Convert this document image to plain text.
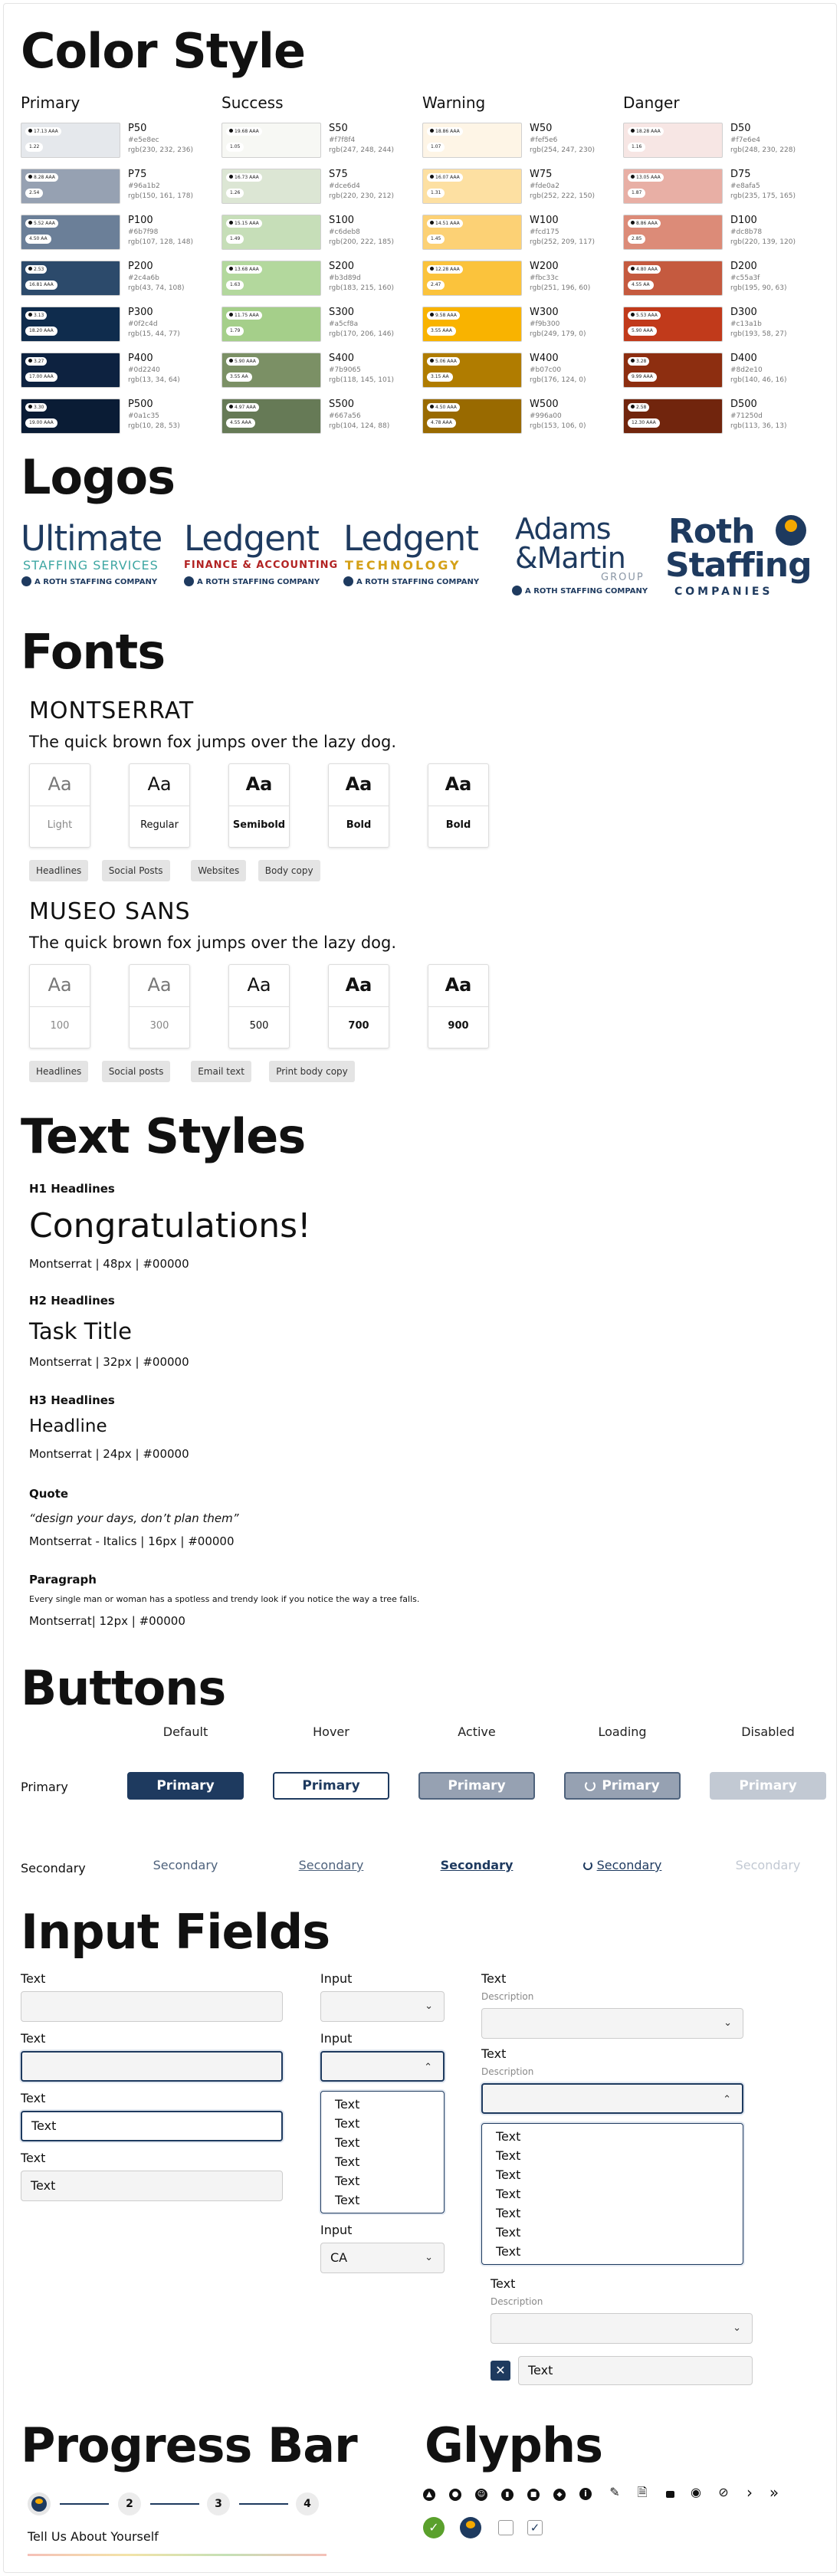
Color Style
Primary
17.13 AAA
1.22
P50
#e5e8ec
rgb(230, 232, 236)
8.28 AAA
2.54
P75
#96a1b2
rgb(150, 161, 178)
5.52 AAA
4.50 AA
P100
#6b7f98
rgb(107, 128, 148)
2.53
16.81 AAA
P200
#2c4a6b
rgb(43, 74, 108)
3.13
18.20 AAA
P300
#0f2c4d
rgb(15, 44, 77)
3.27
17.00 AAA
P400
#0d2240
rgb(13, 34, 64)
3.30
19.00 AAA
P500
#0a1c35
rgb(10, 28, 53)
Success
19.68 AAA
1.05
S50
#f7f8f4
rgb(247, 248, 244)
16.73 AAA
1.26
S75
#dce6d4
rgb(220, 230, 212)
15.15 AAA
1.49
S100
#c6deb8
rgb(200, 222, 185)
13.68 AAA
1.63
S200
#b3d89d
rgb(183, 215, 160)
11.75 AAA
1.79
S300
#a5cf8a
rgb(170, 206, 146)
5.90 AAA
3.55 AA
S400
#7b9065
rgb(118, 145, 101)
4.97 AAA
4.55 AAA
S500
#667a56
rgb(104, 124, 88)
Warning
18.86 AAA
1.07
W50
#fef5e6
rgb(254, 247, 230)
16.07 AAA
1.31
W75
#fde0a2
rgb(252, 222, 150)
14.51 AAA
1.45
W100
#fcd175
rgb(252, 209, 117)
12.28 AAA
2.47
W200
#fbc33c
rgb(251, 196, 60)
9.58 AAA
3.55 AAA
W300
#f9b300
rgb(249, 179, 0)
5.06 AAA
3.15 AA
W400
#b07c00
rgb(176, 124, 0)
4.50 AAA
4.78 AAA
W500
#996a00
rgb(153, 106, 0)
Danger
18.28 AAA
1.16
D50
#f7e6e4
rgb(248, 230, 228)
13.05 AAA
1.87
D75
#e8afa5
rgb(235, 175, 165)
8.86 AAA
2.85
D100
#dc8b78
rgb(220, 139, 120)
4.80 AAA
4.55 AA
D200
#c55a3f
rgb(195, 90, 63)
5.53 AAA
5.90 AAA
D300
#c13a1b
rgb(193, 58, 27)
3.28
9.99 AAA
D400
#8d2e10
rgb(140, 46, 16)
2.58
12.30 AAA
D500
#71250d
rgb(113, 36, 13)
Logos
Ultimate
STAFFING SERVICES
A ROTH STAFFING COMPANY
Ledgent
FINANCE & ACCOUNTING
A ROTH STAFFING COMPANY
Ledgent
TECHNOLOGY
A ROTH STAFFING COMPANY
Adams
&Martin
GROUP
A ROTH STAFFING COMPANY
Roth
Staffing
COMPANIES
Fonts
MONTSERRAT
The quick brown fox jumps over the lazy dog.
Aa
Light
Aa
Regular
Aa
Semibold
Aa
Bold
Aa
Bold
Headlines	Social Posts	Websites	Body copy
MUSEO SANS
The quick brown fox jumps over the lazy dog.
Aa
100
Aa
300
Aa
500
Aa
700
Aa
900
Headlines	Social posts	Email text	Print body copy
Text Styles
H1 Headlines
Congratulations!
Montserrat | 48px | #00000
H2 Headlines
Task Title
Montserrat | 32px | #00000
H3 Headlines
Headline
Montserrat | 24px | #00000
Quote
“design your days, don’t plan them”
Montserrat - Italics | 16px | #00000
Paragraph
Every single man or woman has a spotless and trendy look if you notice the way a tree falls.
Montserrat| 12px | #00000
Buttons
Default	Hover	Active	Loading	Disabled
Primary	Primary	Primary	Primary	Primary	Primary
Secondary	Secondary	Secondary	Secondary	Secondary	Secondary
Input Fields
Text
Text
Text
Text
Text
Text
Input
⌄
Input
⌃
Text
Text
Text
Text
Text
Text
Input
CA	⌄
Text
Description
⌄
Text
Description
⌃
Text
Text
Text
Text
Text
Text
Text
Text
Description
⌄
✕	Text
Progress Bar
2	3	4
Tell Us About Yourself
Glyphs
▲	●	☺	▮	■	◆	i	✎ 🗎	◉ ⊘	›	»
✓	✓
